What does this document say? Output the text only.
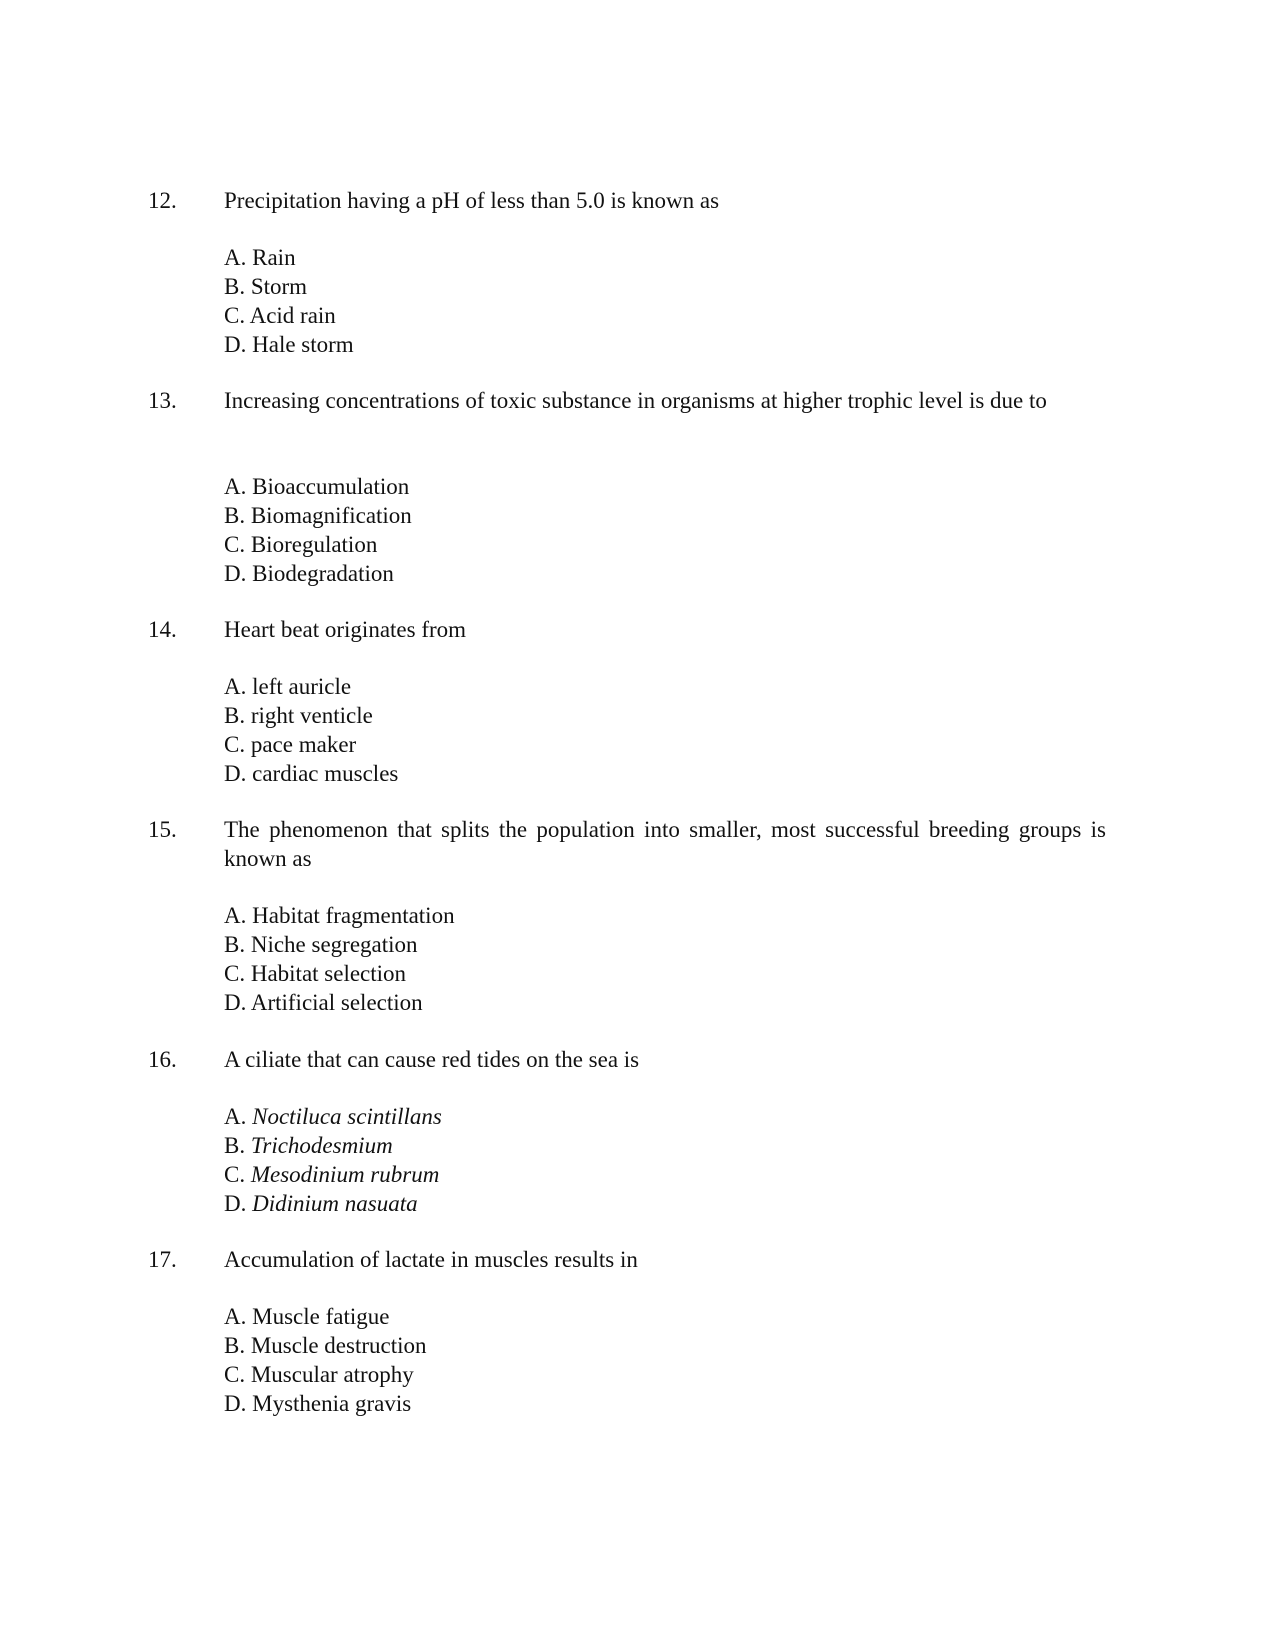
12. Precipitation having a pH of less than 5.0 is known as
A. Rain
B. Storm
C. Acid rain
D. Hale storm
13. Increasing concentrations of toxic substance in organisms at higher trophic level is due to
A. Bioaccumulation
B. Biomagnification
C. Bioregulation
D. Biodegradation
14. Heart beat originates from
A. left auricle
B. right venticle
C. pace maker
D. cardiac muscles
15. The phenomenon that splits the population into smaller, most successful breeding groups is known as
A. Habitat fragmentation
B. Niche segregation
C. Habitat selection
D. Artificial selection
16. A ciliate that can cause red tides on the sea is
A. Noctiluca scintillans
B. Trichodesmium
C. Mesodinium rubrum
D. Didinium nasuata
17. Accumulation of lactate in muscles results in
A. Muscle fatigue
B. Muscle destruction
C. Muscular atrophy
D. Mysthenia gravis
